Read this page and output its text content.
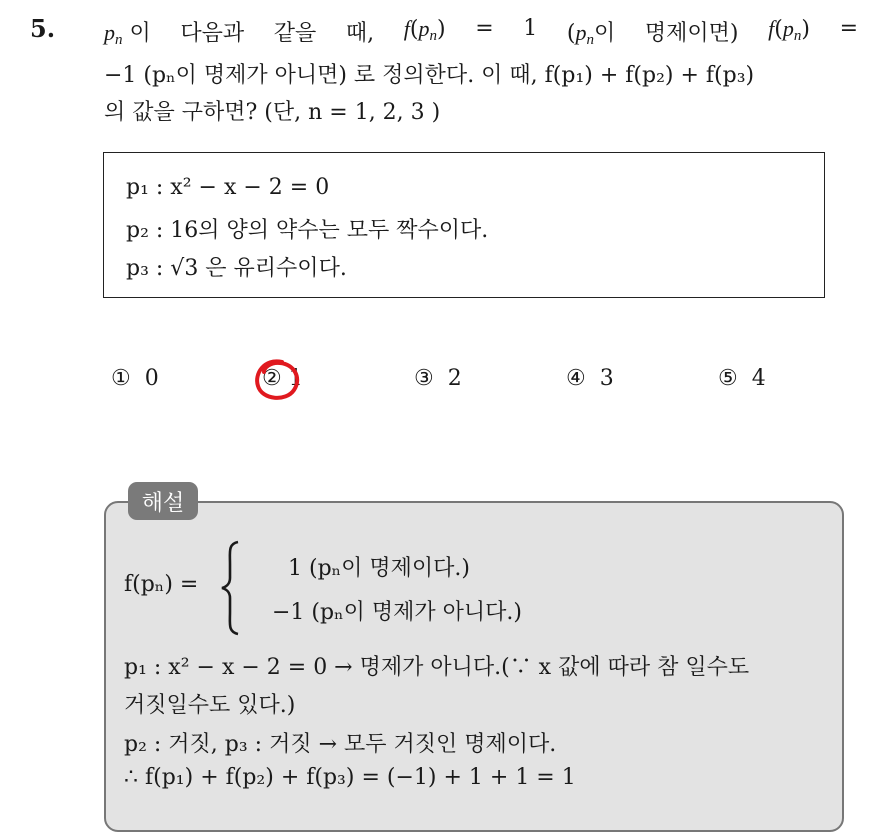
5. $p_n$ 이 다음과 같을 때, $f(p_n) = 1$ ($p_n$이 명제이면) $f(p_n)$ =
−1 (pₙ이 명제가 아니면) 로 정의한다. 이 때, f(p₁) + f(p₂) + f(p₃)
의 값을 구하면? (단, n = 1, 2, 3 )
p₁ : x² − x − 2 = 0
p₂ : 16의 양의 약수는 모두 짝수이다.
p₃ : √3 은 유리수이다.
① 0	② 1	③ 2	④ 3	⑤ 4
해설
f(pₙ) =
1 (pₙ이 명제이다.)
−1 (pₙ이 명제가 아니다.)
p₁ : x² − x − 2 = 0 → 명제가 아니다.(∵ x 값에 따라 참 일수도
거짓일수도 있다.)
p₂ : 거짓, p₃ : 거짓 → 모두 거짓인 명제이다.
∴ f(p₁) + f(p₂) + f(p₃) = (−1) + 1 + 1 = 1
